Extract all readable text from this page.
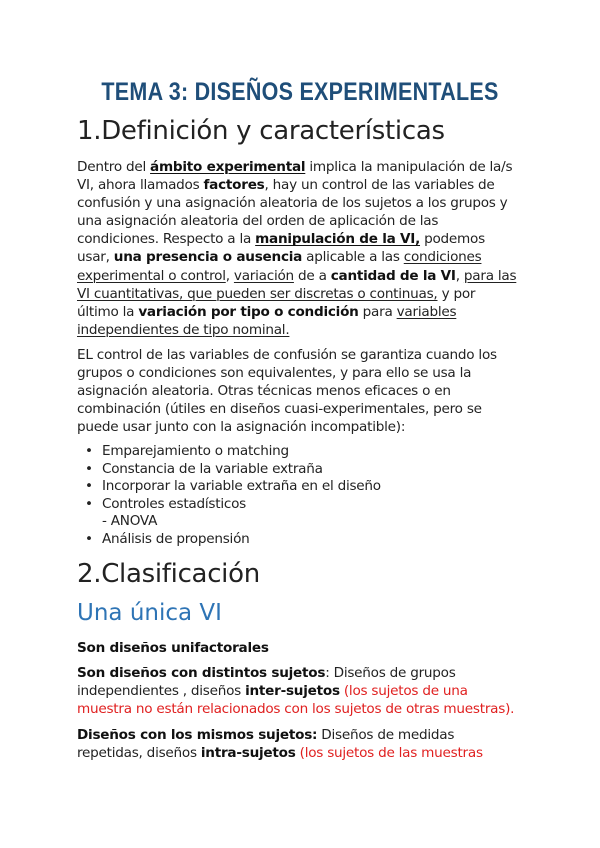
TEMA 3: DISEÑOS EXPERIMENTALES
1.Definición y características
Dentro del ámbito experimental implica la manipulación de la/s
VI, ahora llamados factores, hay un control de las variables de
confusión y una asignación aleatoria de los sujetos a los grupos y
una asignación aleatoria del orden de aplicación de las
condiciones. Respecto a la manipulación de la VI, podemos
usar, una presencia o ausencia aplicable a las condiciones
experimental o control, variación de a cantidad de la VI, para las
VI cuantitativas, que pueden ser discretas o continuas, y por
último la variación por tipo o condición para variables
independientes de tipo nominal.
EL control de las variables de confusión se garantiza cuando los
grupos o condiciones son equivalentes, y para ello se usa la
asignación aleatoria. Otras técnicas menos eficaces o en
combinación (útiles en diseños cuasi-experimentales, pero se
puede usar junto con la asignación incompatible):
• Emparejamiento o matching
• Constancia de la variable extraña
• Incorporar la variable extraña en el diseño
• Controles estadísticos
- ANOVA
• Análisis de propensión
2.Clasificación
Una única VI
Son diseños unifactorales
Son diseños con distintos sujetos: Diseños de grupos
independientes , diseños inter-sujetos (los sujetos de una
muestra no están relacionados con los sujetos de otras muestras).
Diseños con los mismos sujetos: Diseños de medidas
repetidas, diseños intra-sujetos (los sujetos de las muestras
